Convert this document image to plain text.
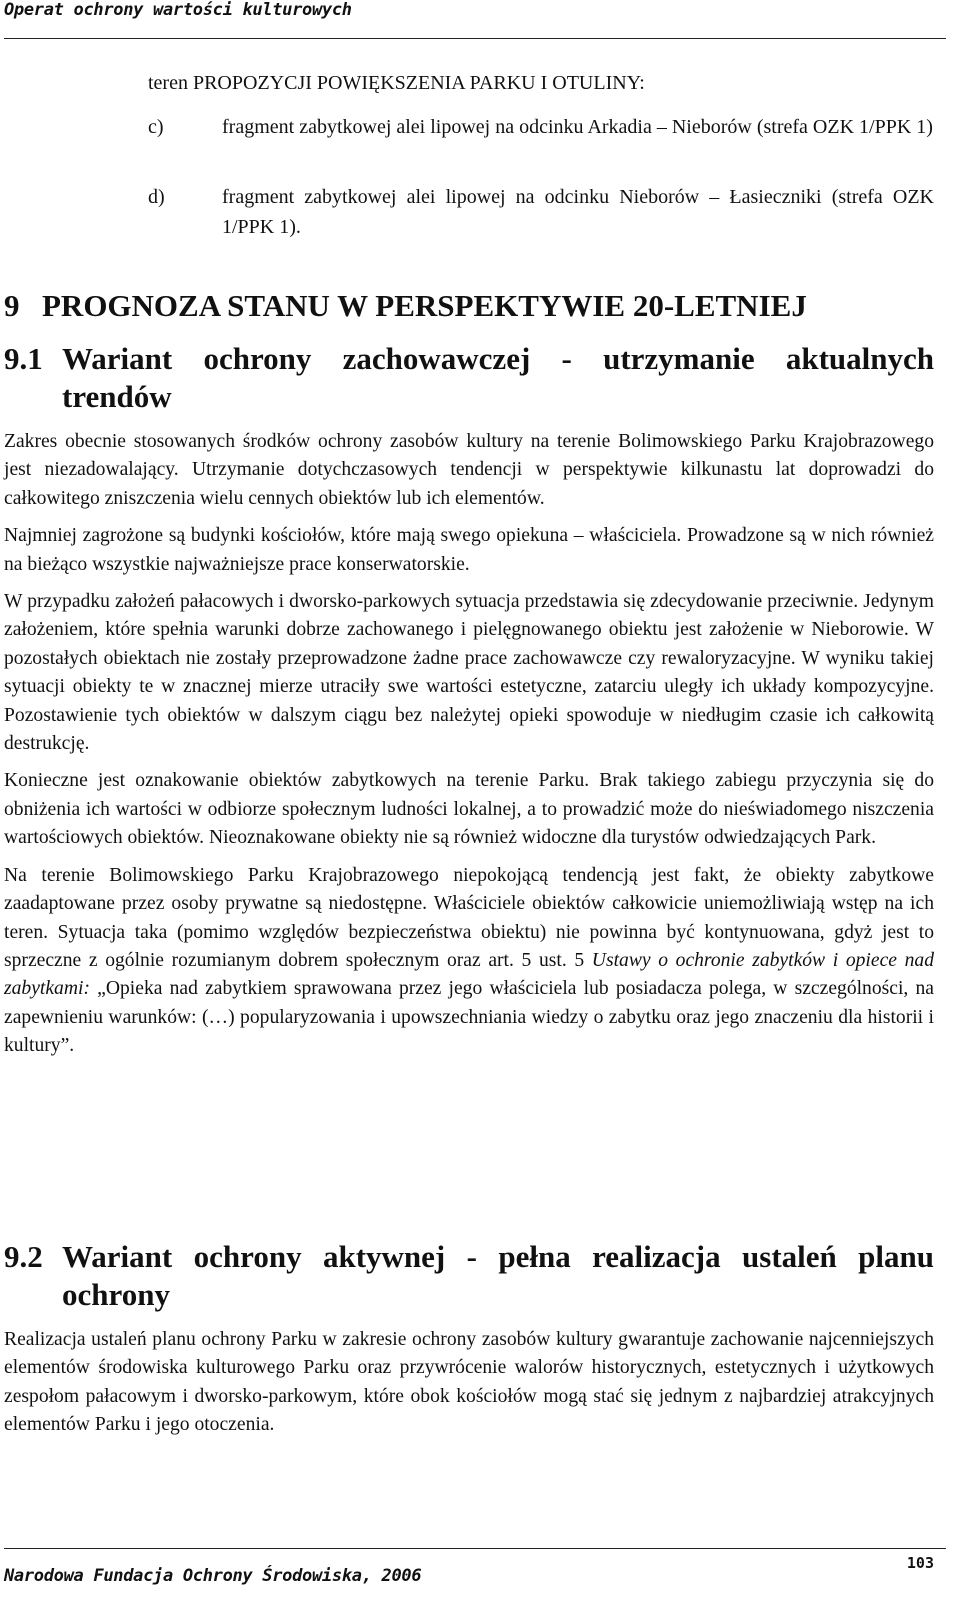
Operat ochrony wartości kulturowych
teren PROPOZYCJI POWIĘKSZENIA PARKU I OTULINY:
c)	fragment zabytkowej alei lipowej na odcinku Arkadia – Nieborów (strefa OZK 1/PPK 1)
d)	fragment zabytkowej alei lipowej na odcinku Nieborów – Łasieczniki (strefa OZK 1/PPK 1).
9 PROGNOZA STANU W PERSPEKTYWIE 20-LETNIEJ
9.1 Wariant ochrony zachowawczej - utrzymanie aktualnych
trendów

Zakres obecnie stosowanych środków ochrony zasobów kultury na terenie Bolimowskiego Parku Krajobrazowego jest niezadowalający. Utrzymanie dotychczasowych tendencji w perspektywie kilkunastu lat doprowadzi do całkowitego zniszczenia wielu cennych obiektów lub ich elementów.

Najmniej zagrożone są budynki kościołów, które mają swego opiekuna – właściciela. Prowadzone są w nich również na bieżąco wszystkie najważniejsze prace konserwatorskie.

W przypadku założeń pałacowych i dworsko-parkowych sytuacja przedstawia się zdecydowanie przeciwnie. Jedynym założeniem, które spełnia warunki dobrze zachowanego i pielęgnowanego obiektu jest założenie w Nieborowie. W pozostałych obiektach nie zostały przeprowadzone żadne prace zachowawcze czy rewaloryzacyjne. W wyniku takiej sytuacji obiekty te w znacznej mierze utraciły swe wartości estetyczne, zatarciu uległy ich układy kompozycyjne. Pozostawienie tych obiektów w dalszym ciągu bez należytej opieki spowoduje w niedługim czasie ich całkowitą destrukcję.

Konieczne jest oznakowanie obiektów zabytkowych na terenie Parku. Brak takiego zabiegu przyczynia się do obniżenia ich wartości w odbiorze społecznym ludności lokalnej, a to prowadzić może do nieświadomego niszczenia wartościowych obiektów. Nieoznakowane obiekty nie są również widoczne dla turystów odwiedzających Park.

Na terenie Bolimowskiego Parku Krajobrazowego niepokojącą tendencją jest fakt, że obiekty zabytkowe zaadaptowane przez osoby prywatne są niedostępne. Właściciele obiektów całkowicie uniemożliwiają wstęp na ich teren. Sytuacja taka (pomimo względów bezpieczeństwa obiektu) nie powinna być kontynuowana, gdyż jest to sprzeczne z ogólnie rozumianym dobrem społecznym oraz art. 5 ust. 5 Ustawy o ochronie zabytków i opiece nad zabytkami: „Opieka nad zabytkiem sprawowana przez jego właściciela lub posiadacza polega, w szczególności, na zapewnieniu warunków: (…) popularyzowania i upowszechniania wiedzy o zabytku oraz jego znaczeniu dla historii i kultury”.

9.2 Wariant ochrony aktywnej - pełna realizacja ustaleń planu
ochrony

Realizacja ustaleń planu ochrony Parku w zakresie ochrony zasobów kultury gwarantuje zachowanie najcenniejszych elementów środowiska kulturowego Parku oraz przywrócenie walorów historycznych, estetycznych i użytkowych zespołom pałacowym i dworsko-parkowym, które obok kościołów mogą stać się jednym z najbardziej atrakcyjnych elementów Parku i jego otoczenia.

103
Narodowa Fundacja Ochrony Środowiska, 2006
